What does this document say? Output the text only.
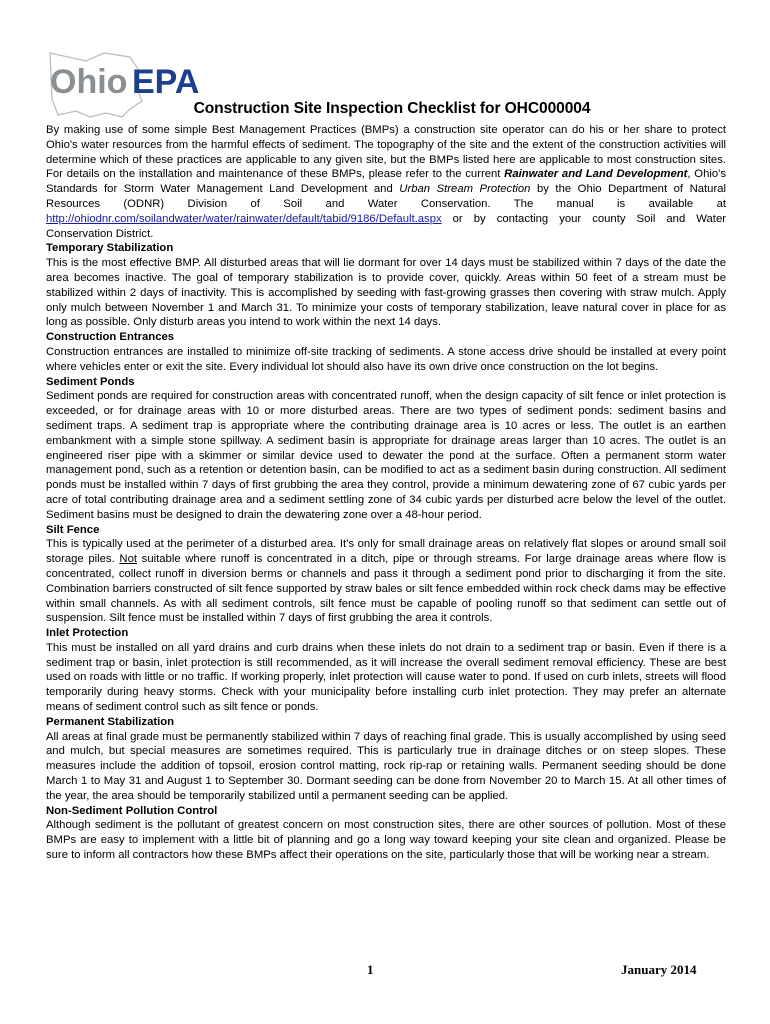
Ohio EPA
Construction Site Inspection Checklist for OHC000004

By making use of some simple Best Management Practices (BMPs) a construction site operator can do his or her share to protect Ohio's water resources from the harmful effects of sediment. The topography of the site and the extent of the construction activities will determine which of these practices are applicable to any given site, but the BMPs listed here are applicable to most construction sites. For details on the installation and maintenance of these BMPs, please refer to the current Rainwater and Land Development, Ohio's Standards for Storm Water Management Land Development and Urban Stream Protection by the Ohio Department of Natural Resources (ODNR) Division of Soil and Water Conservation. The manual is available at http://ohiodnr.com/soilandwater/water/rainwater/default/tabid/9186/Default.aspx or by contacting your county Soil and Water Conservation District.

Temporary Stabilization

This is the most effective BMP. All disturbed areas that will lie dormant for over 14 days must be stabilized within 7 days of the date the area becomes inactive. The goal of temporary stabilization is to provide cover, quickly. Areas within 50 feet of a stream must be stabilized within 2 days of inactivity. This is accomplished by seeding with fast-growing grasses then covering with straw mulch. Apply only mulch between November 1 and March 31. To minimize your costs of temporary stabilization, leave natural cover in place for as long as possible. Only disturb areas you intend to work within the next 14 days.

Construction Entrances

Construction entrances are installed to minimize off-site tracking of sediments. A stone access drive should be installed at every point where vehicles enter or exit the site. Every individual lot should also have its own drive once construction on the lot begins.

Sediment Ponds

Sediment ponds are required for construction areas with concentrated runoff, when the design capacity of silt fence or inlet protection is exceeded, or for drainage areas with 10 or more disturbed areas. There are two types of sediment ponds: sediment basins and sediment traps. A sediment trap is appropriate where the contributing drainage area is 10 acres or less. The outlet is an earthen embankment with a simple stone spillway. A sediment basin is appropriate for drainage areas larger than 10 acres. The outlet is an engineered riser pipe with a skimmer or similar device used to dewater the pond at the surface. Often a permanent storm water management pond, such as a retention or detention basin, can be modified to act as a sediment basin during construction. All sediment ponds must be installed within 7 days of first grubbing the area they control, provide a minimum dewatering zone of 67 cubic yards per acre of total contributing drainage area and a sediment settling zone of 34 cubic yards per disturbed acre below the level of the outlet. Sediment basins must be designed to drain the dewatering zone over a 48-hour period.

Silt Fence

This is typically used at the perimeter of a disturbed area. It’s only for small drainage areas on relatively flat slopes or around small soil storage piles. Not suitable where runoff is concentrated in a ditch, pipe or through streams. For large drainage areas where flow is concentrated, collect runoff in diversion berms or channels and pass it through a sediment pond prior to discharging it from the site. Combination barriers constructed of silt fence supported by straw bales or silt fence embedded within rock check dams may be effective within small channels. As with all sediment controls, silt fence must be capable of pooling runoff so that sediment can settle out of suspension. Silt fence must be installed within 7 days of first grubbing the area it controls.

Inlet Protection

This must be installed on all yard drains and curb drains when these inlets do not drain to a sediment trap or basin. Even if there is a sediment trap or basin, inlet protection is still recommended, as it will increase the overall sediment removal efficiency. These are best used on roads with little or no traffic. If working properly, inlet protection will cause water to pond. If used on curb inlets, streets will flood temporarily during heavy storms. Check with your municipality before installing curb inlet protection. They may prefer an alternate means of sediment control such as silt fence or ponds.

Permanent Stabilization

All areas at final grade must be permanently stabilized within 7 days of reaching final grade. This is usually accomplished by using seed and mulch, but special measures are sometimes required. This is particularly true in drainage ditches or on steep slopes. These measures include the addition of topsoil, erosion control matting, rock rip-rap or retaining walls. Permanent seeding should be done March 1 to May 31 and August 1 to September 30. Dormant seeding can be done from November 20 to March 15. At all other times of the year, the area should be temporarily stabilized until a permanent seeding can be applied.

Non-Sediment Pollution Control

Although sediment is the pollutant of greatest concern on most construction sites, there are other sources of pollution. Most of these BMPs are easy to implement with a little bit of planning and go a long way toward keeping your site clean and organized. Please be sure to inform all contractors how these BMPs affect their operations on the site, particularly those that will be working near a stream.

1	January 2014
